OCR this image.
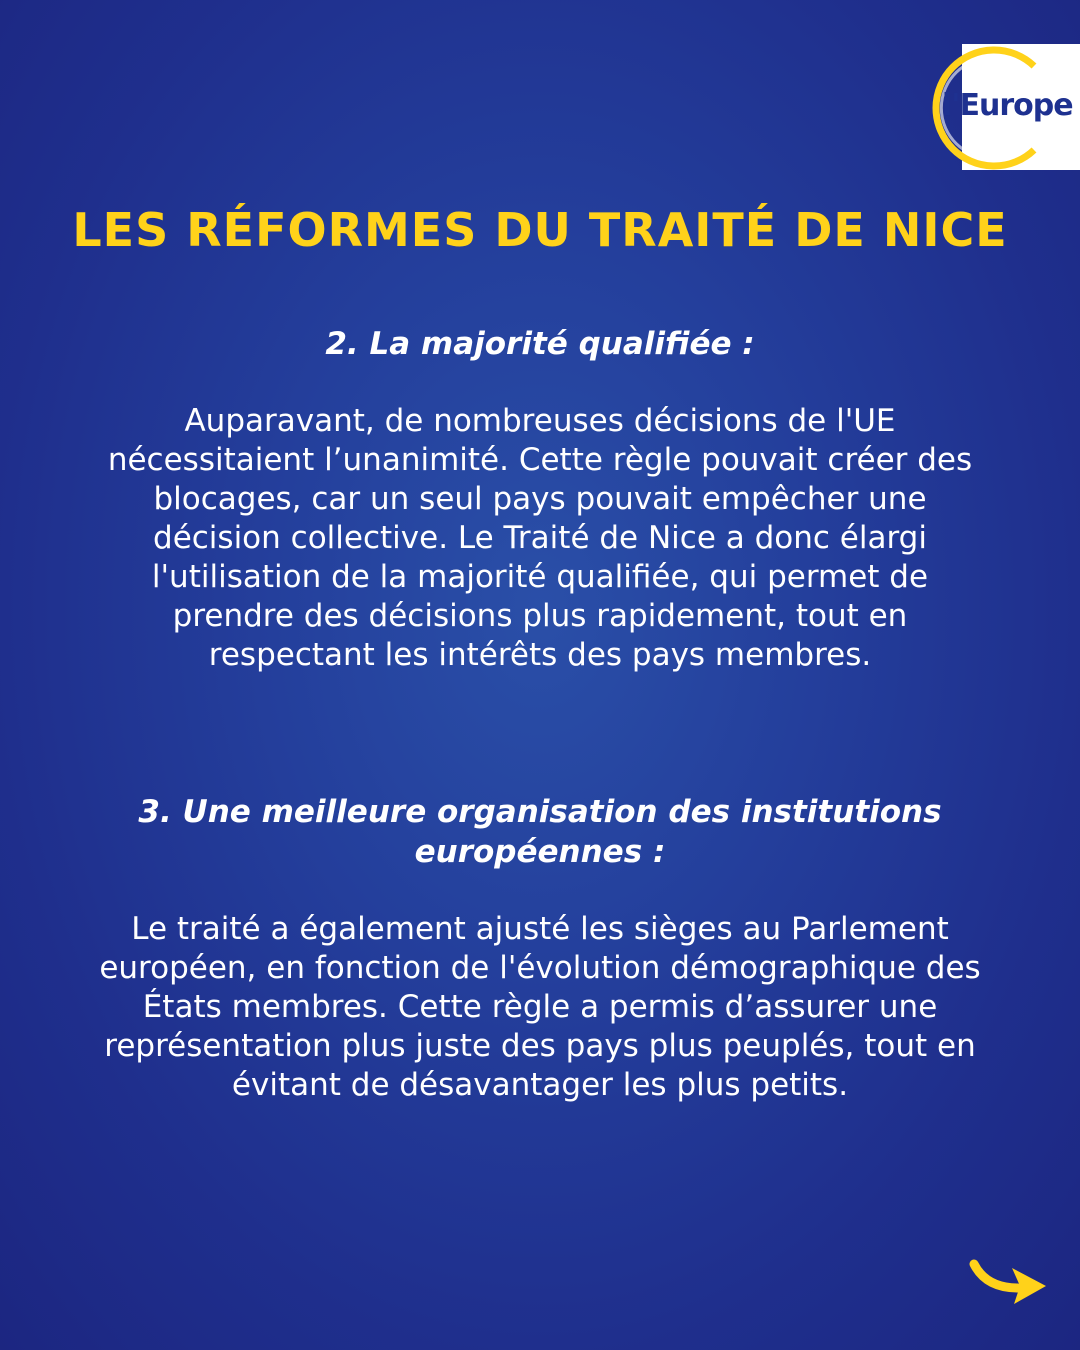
l'Europe
LES RÉFORMES DU TRAITÉ DE NICE

2. La majorité qualifiée :

Auparavant, de nombreuses décisions de l'UE nécessitaient l’unanimité. Cette règle pouvait créer des blocages, car un seul pays pouvait empêcher une décision collective. Le Traité de Nice a donc élargi l'utilisation de la majorité qualifiée, qui permet de prendre des décisions plus rapidement, tout en respectant les intérêts des pays membres.

3. Une meilleure organisation des institutions européennes :

Le traité a également ajusté les sièges au Parlement européen, en fonction de l'évolution démographique des États membres. Cette règle a permis d’assurer une représentation plus juste des pays plus peuplés, tout en évitant de désavantager les plus petits.
